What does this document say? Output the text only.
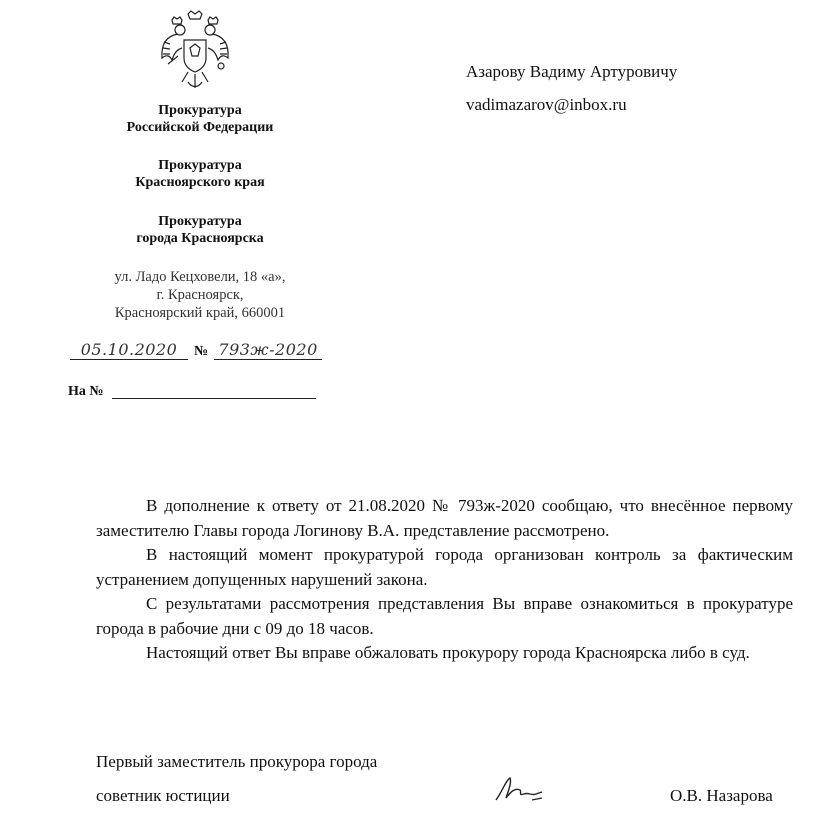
Прокуратура
Российской Федерации
Прокуратура
Красноярского края
Прокуратура
города Красноярска
ул. Ладо Кецховели, 18 «а»,
г. Красноярск,
Красноярский край, 660001
05.10.2020 № 793ж-2020
На №
Азарову Вадиму Артуровичу
vadimazarov@inbox.ru

В дополнение к ответу от 21.08.2020 № 793ж-2020 сообщаю, что внесённое первому заместителю Главы города Логинову В.А. представление рассмотрено.

В настоящий момент прокуратурой города организован контроль за фактическим устранением допущенных нарушений закона.

С результатами рассмотрения представления Вы вправе ознакомиться в прокуратуре города в рабочие дни с 09 до 18 часов.

Настоящий ответ Вы вправе обжаловать прокурору города Красноярска либо в суд.

Первый заместитель прокурора города
советник юстиции	О.В. Назарова
